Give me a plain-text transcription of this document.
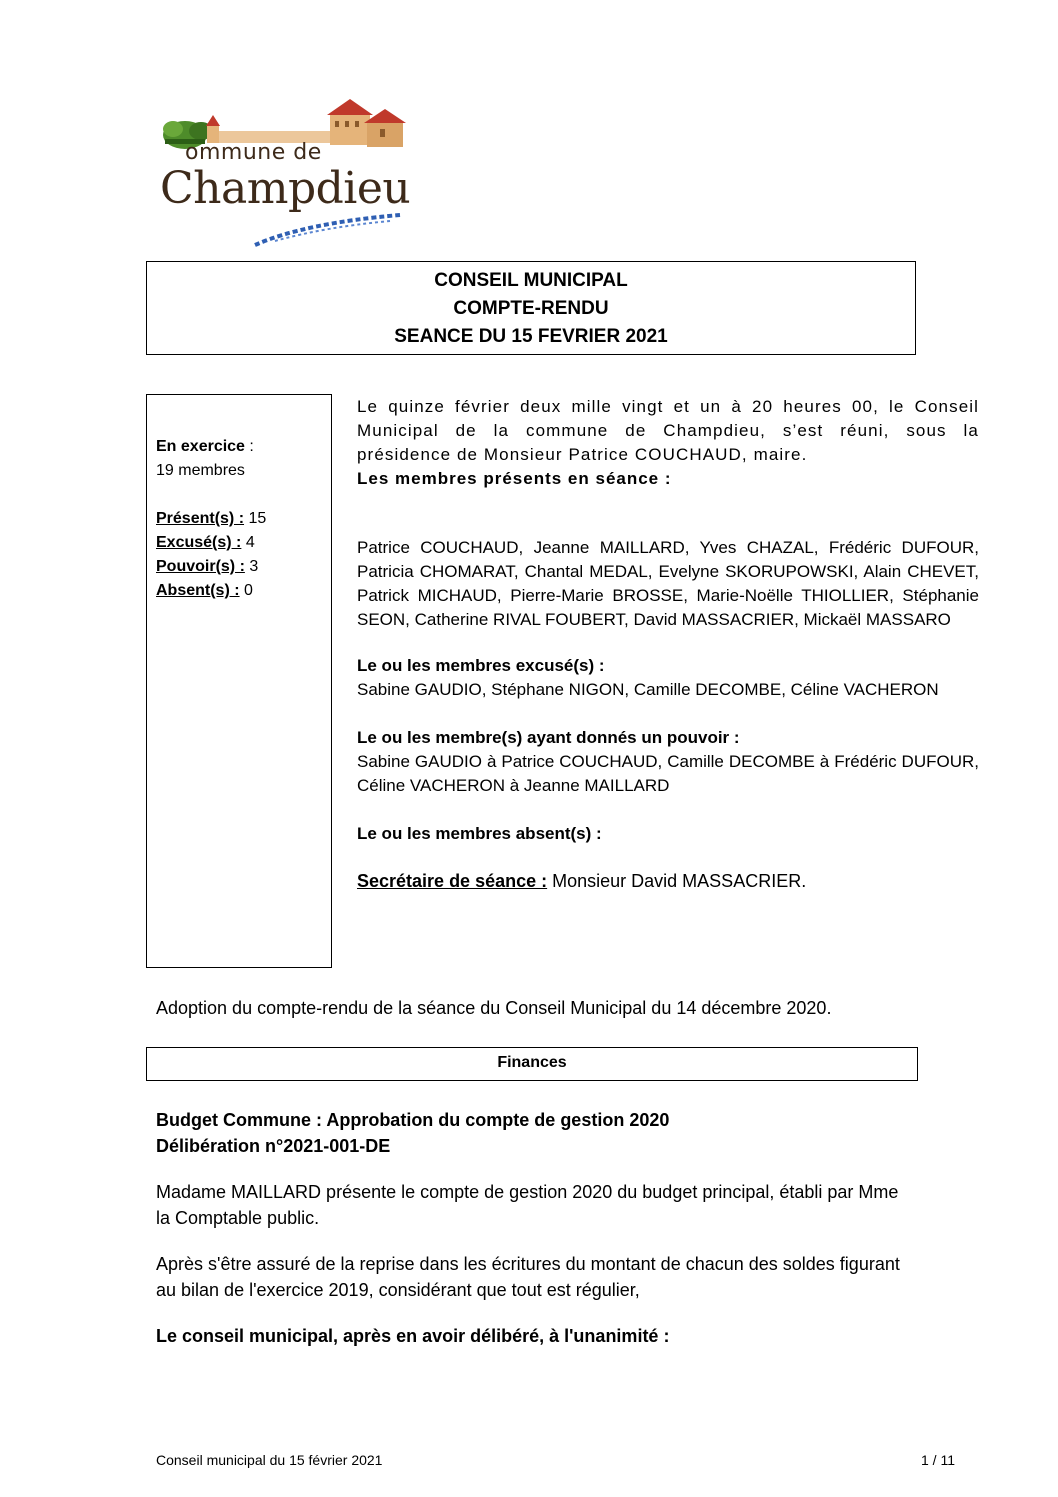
ommune de
Champdieu
CONSEIL MUNICIPAL
COMPTE-RENDU
SEANCE DU 15 FEVRIER 2021
En exercice :
19 membres
Présent(s) : 15
Excusé(s) : 4
Pouvoir(s) : 3
Absent(s) : 0

Le quinze février deux mille vingt et un à 20 heures 00, le Conseil Municipal de la commune de Champdieu, s’est réuni, sous la présidence de Monsieur Patrice COUCHAUD, maire.

Les membres présents en séance :

Patrice COUCHAUD, Jeanne MAILLARD, Yves CHAZAL, Frédéric DUFOUR, Patricia CHOMARAT, Chantal MEDAL, Evelyne SKORUPOWSKI, Alain CHEVET, Patrick MICHAUD, Pierre-Marie BROSSE, Marie-Noëlle THIOLLIER, Stéphanie SEON, Catherine RIVAL FOUBERT, David MASSACRIER, Mickaël MASSARO

Le ou les membres excusé(s) :

Sabine GAUDIO, Stéphane NIGON, Camille DECOMBE, Céline VACHERON

Le ou les membre(s) ayant donnés un pouvoir :

Sabine GAUDIO à Patrice COUCHAUD, Camille DECOMBE à Frédéric DUFOUR, Céline VACHERON à Jeanne MAILLARD

Le ou les membres absent(s) :

Secrétaire de séance : Monsieur David MASSACRIER.

Adoption du compte-rendu de la séance du Conseil Municipal du 14 décembre 2020.
Finances
Budget Commune : Approbation du compte de gestion 2020
Délibération n°2021-001-DE
Madame MAILLARD présente le compte de gestion 2020 du budget principal, établi par Mme la Comptable public.
Après s'être assuré de la reprise dans les écritures du montant de chacun des soldes figurant au bilan de l'exercice 2019, considérant que tout est régulier,
Le conseil municipal, après en avoir délibéré, à l'unanimité :
Conseil municipal du 15 février 2021	1 / 11
